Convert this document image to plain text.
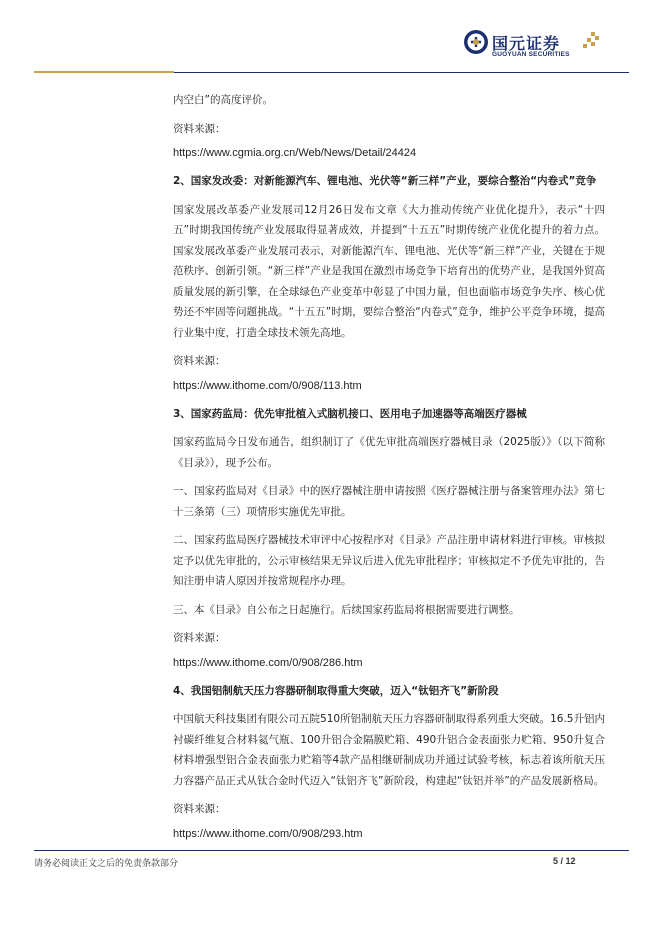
国元证券
GUOYUAN SECURITIES

内空白”的高度评价。

资料来源：

https://www.cgmia.org.cn/Web/News/Detail/24424

2、国家发改委：对新能源汽车、锂电池、光伏等“新三样”产业，要综合整治“内卷式”竞争

国家发展改革委产业发展司12月26日发布文章《大力推动传统产业优化提升》，表示“十四五”时期我国传统产业发展取得显著成效，并提到“十五五”时期传统产业优化提升的着力点。国家发展改革委产业发展司表示，对新能源汽车、锂电池、光伏等“新三样”产业，关键在于规范秩序、创新引领。“新三样”产业是我国在激烈市场竞争下培育出的优势产业，是我国外贸高质量发展的新引擎，在全球绿色产业变革中彰显了中国力量，但也面临市场竞争失序、核心优势还不牢固等问题挑战。“十五五”时期，要综合整治“内卷式”竞争，维护公平竞争环境，提高行业集中度，打造全球技术领先高地。

资料来源：

https://www.ithome.com/0/908/113.htm

3、国家药监局：优先审批植入式脑机接口、医用电子加速器等高端医疗器械

国家药监局今日发布通告，组织制订了《优先审批高端医疗器械目录（2025版）》（以下简称《目录》），现予公布。

一、国家药监局对《目录》中的医疗器械注册申请按照《医疗器械注册与备案管理办法》第七十三条第（三）项情形实施优先审批。

二、国家药监局医疗器械技术审评中心按程序对《目录》产品注册申请材料进行审核。审核拟定予以优先审批的，公示审核结果无异议后进入优先审批程序；审核拟定不予优先审批的，告知注册申请人原因并按常规程序办理。

三、本《目录》自公布之日起施行。后续国家药监局将根据需要进行调整。

资料来源：

https://www.ithome.com/0/908/286.htm

4、我国铝制航天压力容器研制取得重大突破，迈入“钛铝齐飞”新阶段

中国航天科技集团有限公司五院510所铝制航天压力容器研制取得系列重大突破。16.5升铝内衬碳纤维复合材料氦气瓶、100升铝合金隔膜贮箱、490升铝合金表面张力贮箱、950升复合材料增强型铝合金表面张力贮箱等4款产品相继研制成功并通过试验考核，标志着该所航天压力容器产品正式从钛合金时代迈入“钛铝齐飞”新阶段，构建起“钛铝并举”的产品发展新格局。

资料来源：

https://www.ithome.com/0/908/293.htm

请务必阅读正文之后的免责条款部分	5 / 12
